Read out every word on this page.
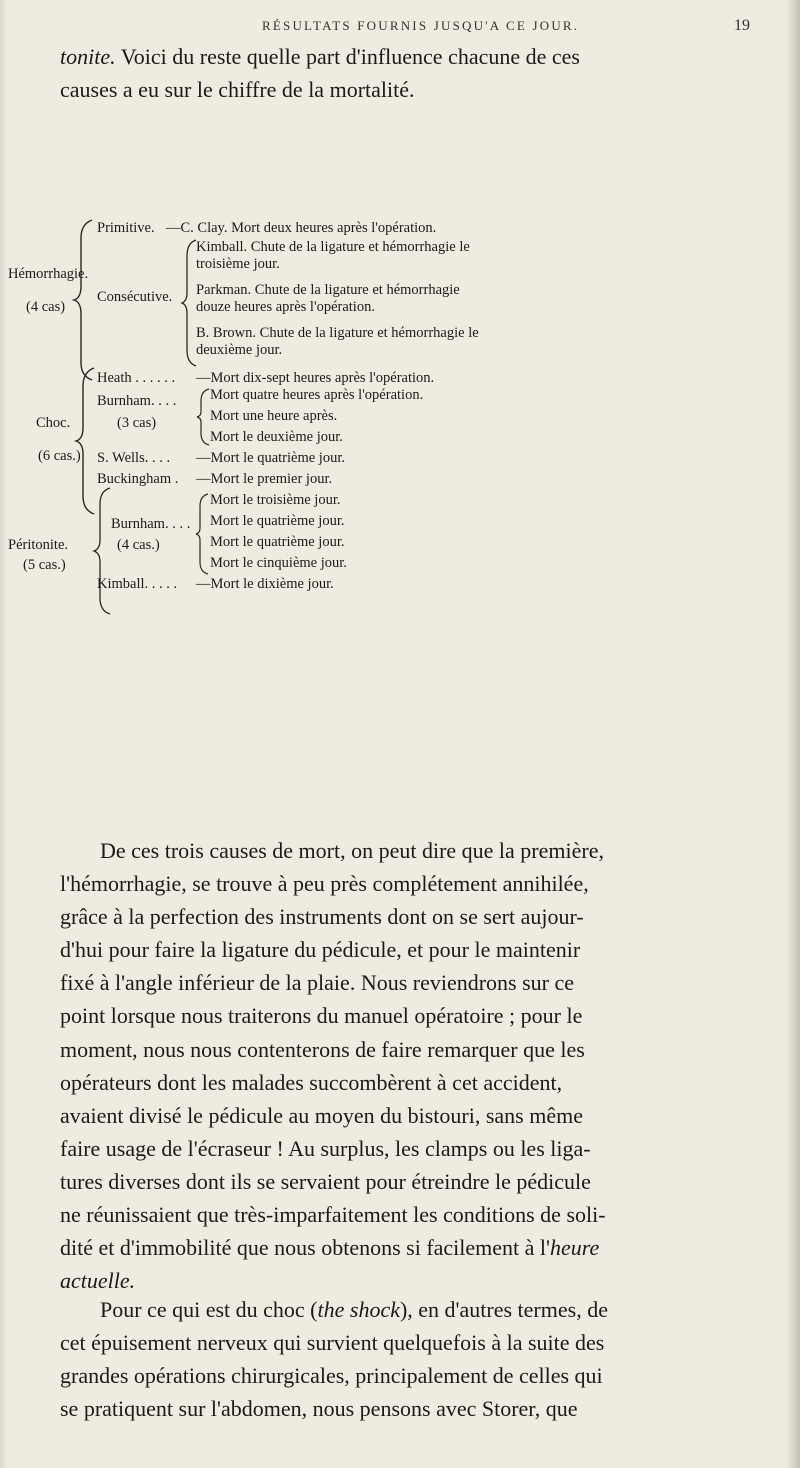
RÉSULTATS FOURNIS JUSQU'A CE JOUR.	19
tonite. Voici du reste quelle part d'influence chacune de ces
causes a eu sur le chiffre de la mortalité.
Hémorrhagie.
(4 cas)
Primitive. —C. Clay. Mort deux heures après l'opération.
Consécutive.
Kimball. Chute de la ligature et hémorrhagie le
troisième jour.
Parkman. Chute de la ligature et hémorrhagie
douze heures après l'opération.
B. Brown. Chute de la ligature et hémorrhagie le
deuxième jour.
Choc.
(6 cas.)
Heath . . . . . . —Mort dix-sept heures après l'opération.
Burnham. . . .
(3 cas)
Mort quatre heures après l'opération.
Mort une heure après.
Mort le deuxième jour.
S. Wells. . . . —Mort le quatrième jour.
Buckingham . —Mort le premier jour.
Péritonite.
(5 cas.)
Burnham. . . .
(4 cas.)
Mort le troisième jour.
Mort le quatrième jour.
Mort le quatrième jour.
Mort le cinquième jour.
Kimball. . . . . —Mort le dixième jour.
De ces trois causes de mort, on peut dire que la première,
l'hémorrhagie, se trouve à peu près complétement annihilée,
grâce à la perfection des instruments dont on se sert aujour-
d'hui pour faire la ligature du pédicule, et pour le maintenir
fixé à l'angle inférieur de la plaie. Nous reviendrons sur ce
point lorsque nous traiterons du manuel opératoire ; pour le
moment, nous nous contenterons de faire remarquer que les
opérateurs dont les malades succombèrent à cet accident,
avaient divisé le pédicule au moyen du bistouri, sans même
faire usage de l'écraseur ! Au surplus, les clamps ou les liga-
tures diverses dont ils se servaient pour étreindre le pédicule
ne réunissaient que très-imparfaitement les conditions de soli-
dité et d'immobilité que nous obtenons si facilement à l'heure
actuelle.
Pour ce qui est du choc (the shock), en d'autres termes, de
cet épuisement nerveux qui survient quelquefois à la suite des
grandes opérations chirurgicales, principalement de celles qui
se pratiquent sur l'abdomen, nous pensons avec Storer, que
